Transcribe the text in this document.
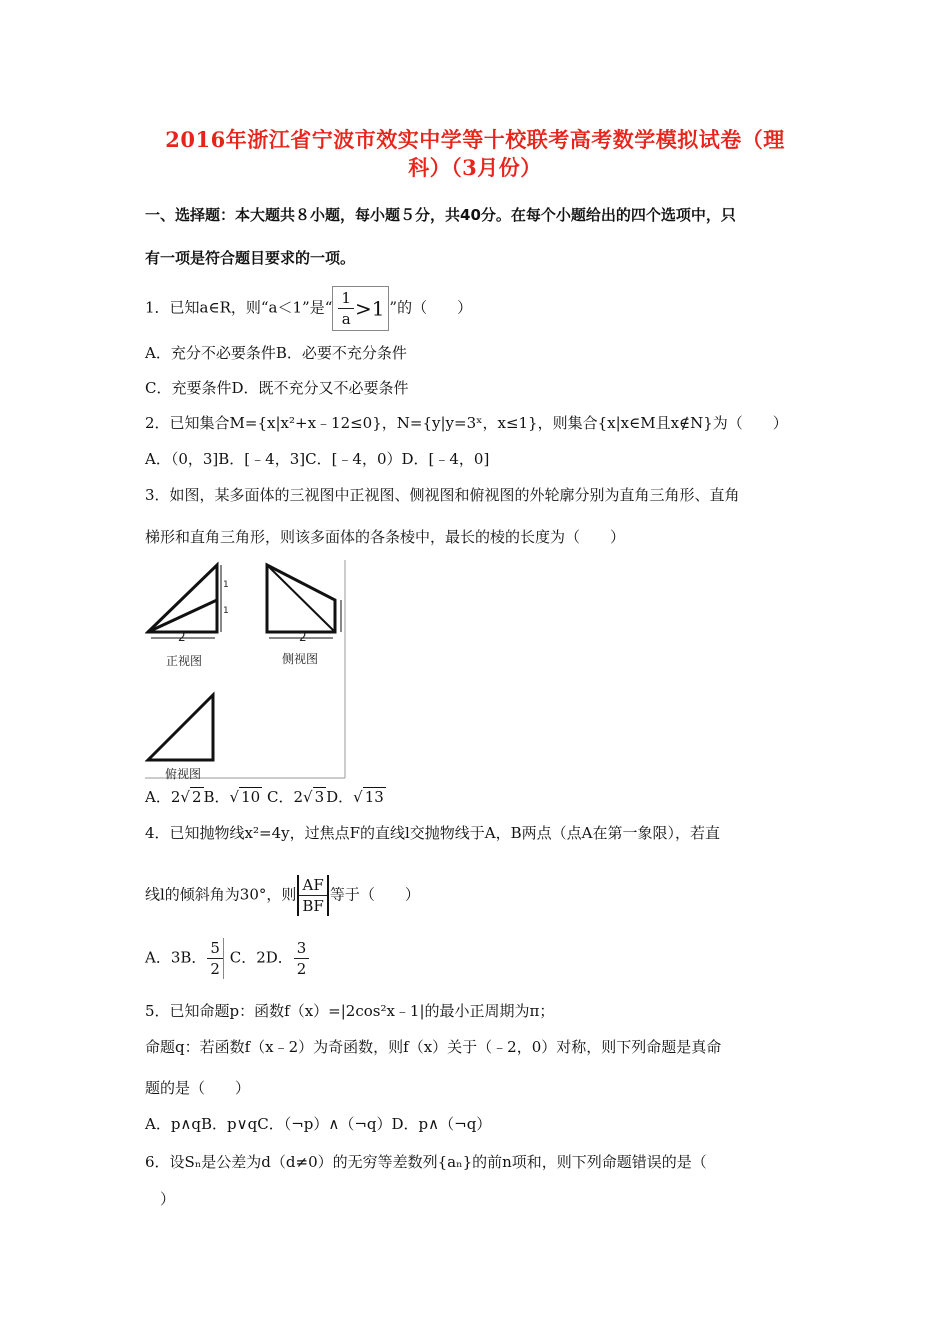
2016年浙江省宁波市效实中学等十校联考高考数学模拟试卷（理
科）（3月份）
一、选择题：本大题共８小题，每小题５分，共40分。在每个小题给出的四个选项中，只
有一项是符合题目要求的一项。
1．已知a∈R，则“a＜1”是“ $\frac{1}{a} >1$ ”的（　　）
A．充分不必要条件B．必要不充分条件
C．充要条件D．既不充分又不必要条件
2．已知集合M={x|x²+x﹣12≤0}，N={y|y=3ˣ，x≤1}，则集合{x|x∈M且x∉N}为（　　）
A．（0，3]B．[﹣4，3]C．[﹣4，0）D．[﹣4，0]
3．如图，某多面体的三视图中正视图、侧视图和俯视图的外轮廓分别为直角三角形、直角
梯形和直角三角形，则该多面体的各条棱中，最长的棱的长度为（　　）
2	2
1
1
正视图	侧视图
俯视图
A．2√ 2 B．√ 10 C．2√ 3 D．√ 13
4．已知抛物线x²=4y，过焦点F的直线l交抛物线于A，B两点（点A在第一象限），若直
线l的倾斜角为30°，则 $\frac{AF}{BF}$ 等于（　　）
A．3B． $\frac{5}{2}$ C．2D． $\frac{3}{2}$
5．已知命题p：函数f（x）=|2cos²x﹣1|的最小正周期为π；
命题q：若函数f（x﹣2）为奇函数，则f（x）关于（﹣2，0）对称，则下列命题是真命
题的是（　　）
A．p∧qB．p∨qC．（¬p）∧（¬q）D．p∧（¬q）
6．设Sₙ是公差为d（d≠0）的无穷等差数列{aₙ}的前n项和，则下列命题错误的是（
）
